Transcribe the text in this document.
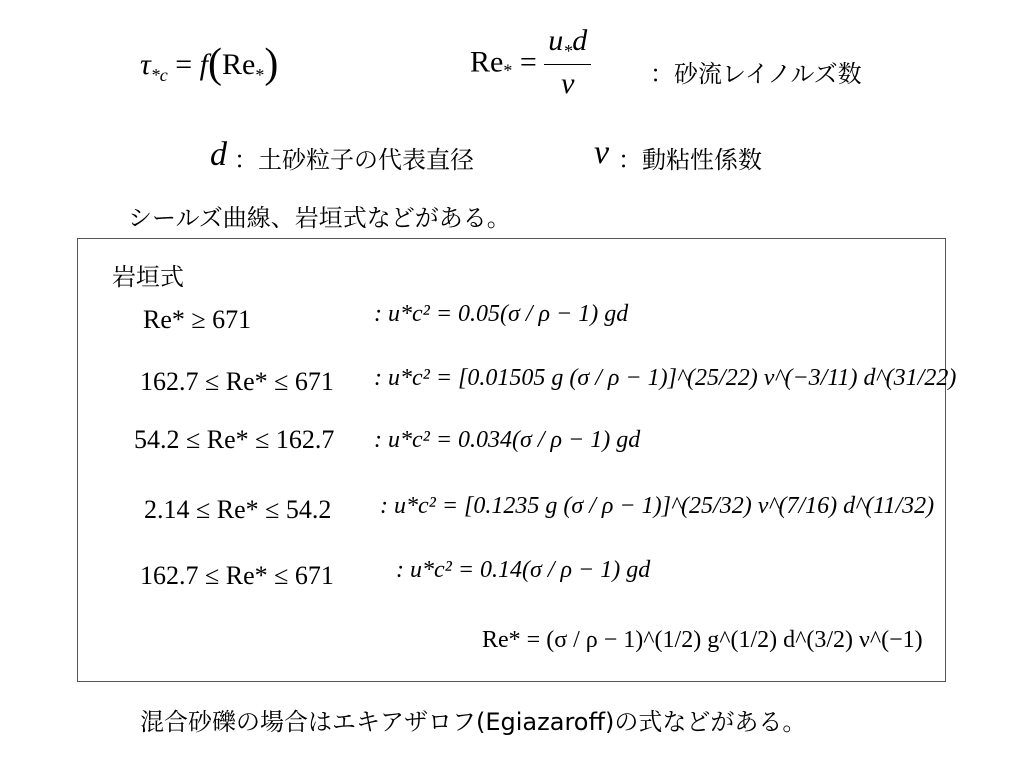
$\tau_{*c} = f(Re_*)$	$Re_* = \frac{u_*d}{\nu}$ ：砂流レイノルズ数
d ：土砂粒子の代表直径	ν ：動粘性係数
シールズ曲線、岩垣式などがある。
岩垣式
Re* ≥ 671	: u*c² = 0.05(σ / ρ − 1) gd
162.7 ≤ Re* ≤ 671 : u*c² = [0.01505 g (σ / ρ − 1)]^(25/22) ν^(−3/11) d^(31/22)
54.2 ≤ Re* ≤ 162.7 : u*c² = 0.034(σ / ρ − 1) gd
2.14 ≤ Re* ≤ 54.2 : u*c² = [0.1235 g (σ / ρ − 1)]^(25/32) ν^(7/16) d^(11/32)
162.7 ≤ Re* ≤ 671	: u*c² = 0.14(σ / ρ − 1) gd
Re* = (σ / ρ − 1)^(1/2) g^(1/2) d^(3/2) ν^(−1)
混合砂礫の場合はエキアザロフ(Egiazaroff)の式などがある。
